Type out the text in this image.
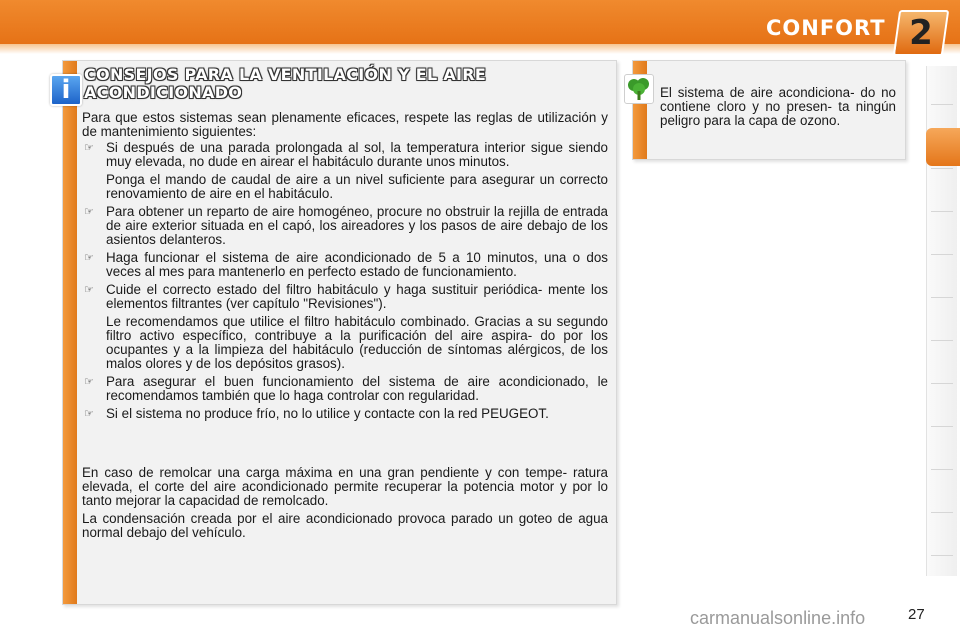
CONFORT 2
i
CONSEJOS PARA LA VENTILACIÓN Y EL AIRE
ACONDICIONADO
Para que estos sistemas sean plenamente eficaces, respete las reglas de utilización y de mantenimiento siguientes:
☞ Si después de una parada prolongada al sol, la temperatura interior sigue siendo muy elevada, no dude en airear el habitáculo durante unos minutos.
Ponga el mando de caudal de aire a un nivel suficiente para asegurar un correcto renovamiento de aire en el habitáculo.
☞ Para obtener un reparto de aire homogéneo, procure no obstruir la rejilla de entrada de aire exterior situada en el capó, los aireadores y los pasos de aire debajo de los asientos delanteros.
☞ Haga funcionar el sistema de aire acondicionado de 5 a 10 minutos, una o dos veces al mes para mantenerlo en perfecto estado de funcionamiento.
☞ Cuide el correcto estado del filtro habitáculo y haga sustituir periódica- mente los elementos filtrantes (ver capítulo "Revisiones").
Le recomendamos que utilice el filtro habitáculo combinado. Gracias a su segundo filtro activo específico, contribuye a la purificación del aire aspira- do por los ocupantes y a la limpieza del habitáculo (reducción de síntomas alérgicos, de los malos olores y de los depósitos grasos).
☞ Para asegurar el buen funcionamiento del sistema de aire acondicionado, le recomendamos también que lo haga controlar con regularidad.
☞ Si el sistema no produce frío, no lo utilice y contacte con la red PEUGEOT.

En caso de remolcar una carga máxima en una gran pendiente y con tempe- ratura elevada, el corte del aire acondicionado permite recuperar la potencia motor y por lo tanto mejorar la capacidad de remolcado.

La condensación creada por el aire acondicionado provoca parado un goteo de agua normal debajo del vehículo.

El sistema de aire acondiciona- do no contiene cloro y no presen- ta ningún peligro para la capa de ozono.
27
carmanualsonline.info
